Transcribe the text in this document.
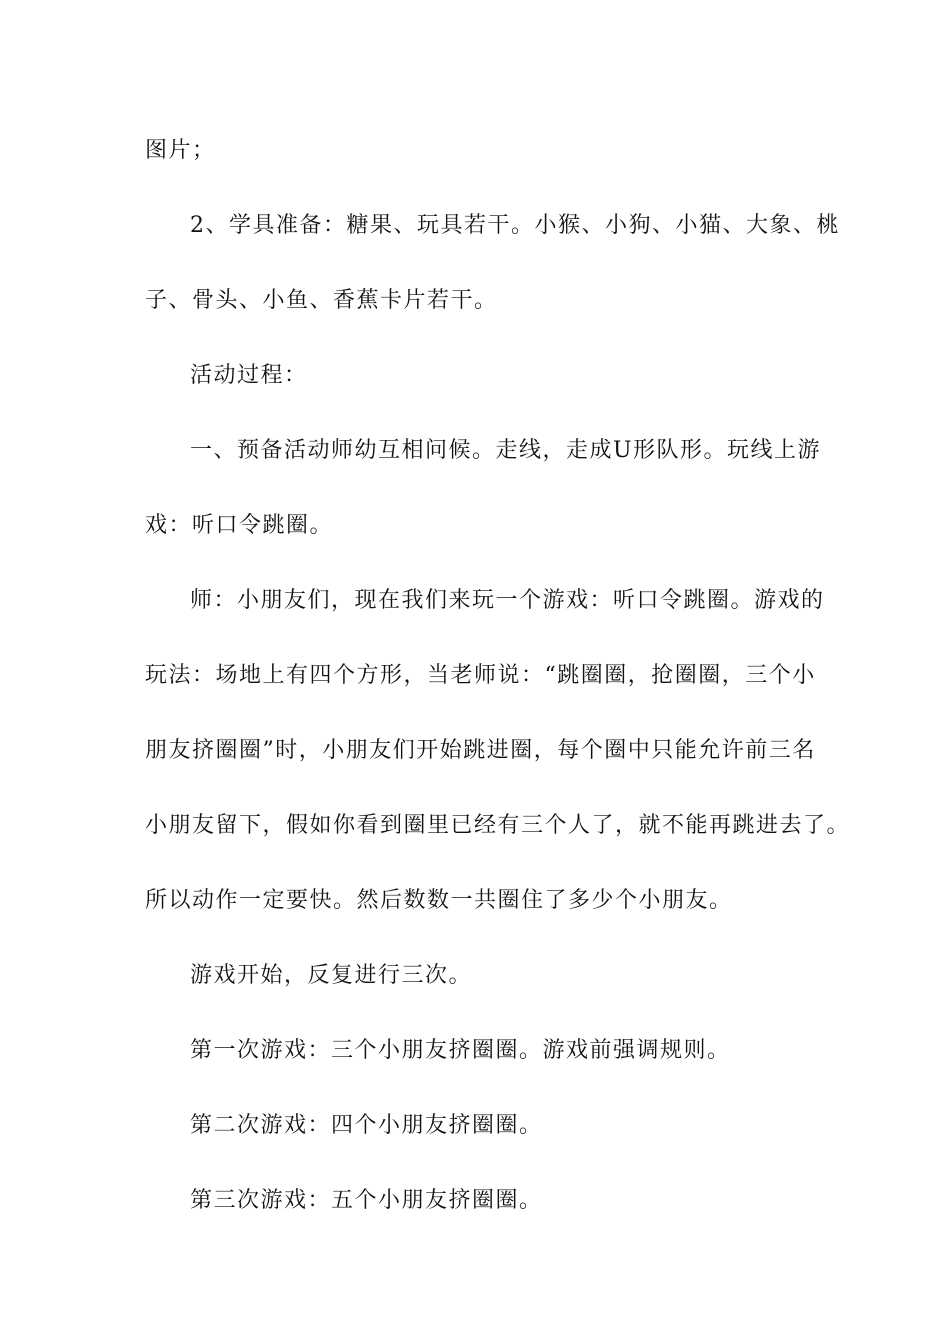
图片；
2、学具准备：糖果、玩具若干。小猴、小狗、小猫、大象、桃
子、骨头、小鱼、香蕉卡片若干。
活动过程：
一、预备活动师幼互相问候。走线，走成U形队形。玩线上游
戏：听口令跳圈。
师：小朋友们，现在我们来玩一个游戏：听口令跳圈。游戏的
玩法：场地上有四个方形，当老师说：“跳圈圈，抢圈圈，三个小
朋友挤圈圈”时，小朋友们开始跳进圈，每个圈中只能允许前三名
小朋友留下，假如你看到圈里已经有三个人了，就不能再跳进去了。
所以动作一定要快。然后数数一共圈住了多少个小朋友。
游戏开始，反复进行三次。
第一次游戏：三个小朋友挤圈圈。游戏前强调规则。
第二次游戏：四个小朋友挤圈圈。
第三次游戏：五个小朋友挤圈圈。
